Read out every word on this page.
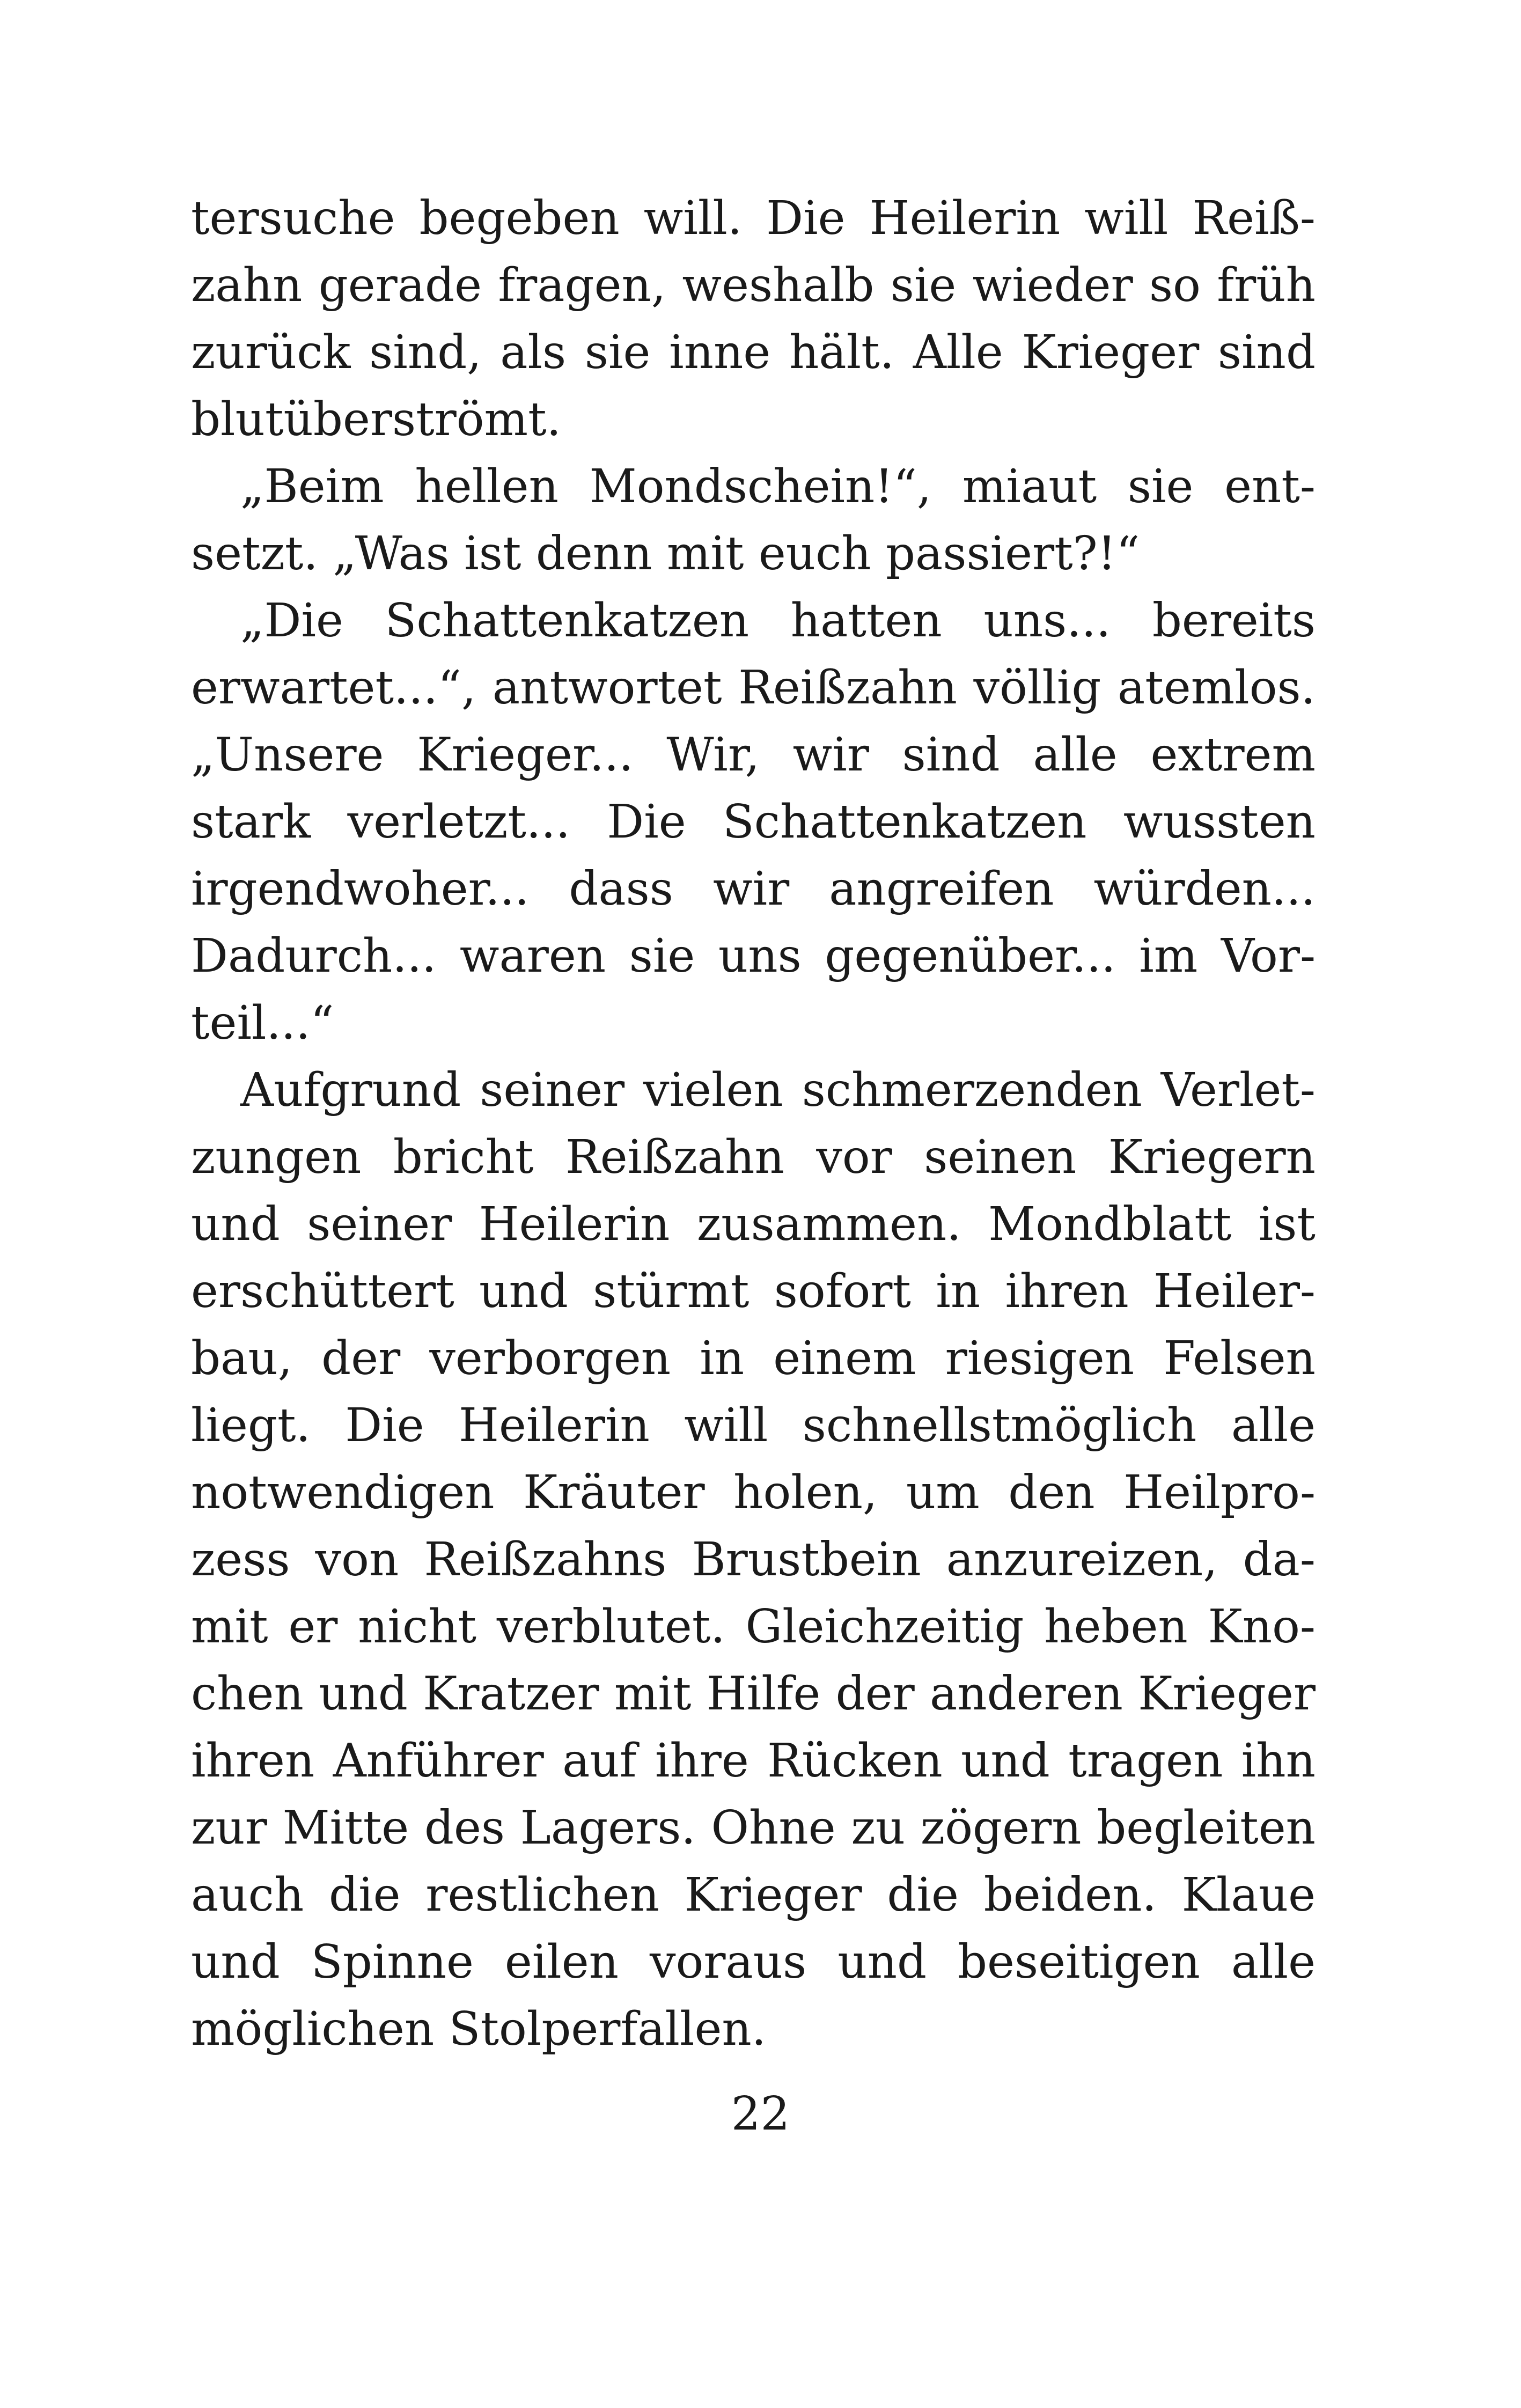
tersuche begeben will. Die Heilerin will Reiß-
zahn gerade fragen, weshalb sie wieder so früh
zurück sind, als sie inne hält. Alle Krieger sind
blutüberströmt.
„Beim hellen Mondschein!“, miaut sie ent-
setzt. „Was ist denn mit euch passiert?!“
„Die Schattenkatzen hatten uns... bereits
erwartet...“, antwortet Reißzahn völlig atemlos.
„Unsere Krieger... Wir, wir sind alle extrem
stark verletzt... Die Schattenkatzen wussten
irgendwoher... dass wir angreifen würden...
Dadurch... waren sie uns gegenüber... im Vor-
teil...“
Aufgrund seiner vielen schmerzenden Verlet-
zungen bricht Reißzahn vor seinen Kriegern
und seiner Heilerin zusammen. Mondblatt ist
erschüttert und stürmt sofort in ihren Heiler-
bau, der verborgen in einem riesigen Felsen
liegt. Die Heilerin will schnellstmöglich alle
notwendigen Kräuter holen, um den Heilpro-
zess von Reißzahns Brustbein anzureizen, da-
mit er nicht verblutet. Gleichzeitig heben Kno-
chen und Kratzer mit Hilfe der anderen Krieger
ihren Anführer auf ihre Rücken und tragen ihn
zur Mitte des Lagers. Ohne zu zögern begleiten
auch die restlichen Krieger die beiden. Klaue
und Spinne eilen voraus und beseitigen alle
möglichen Stolperfallen.
22
